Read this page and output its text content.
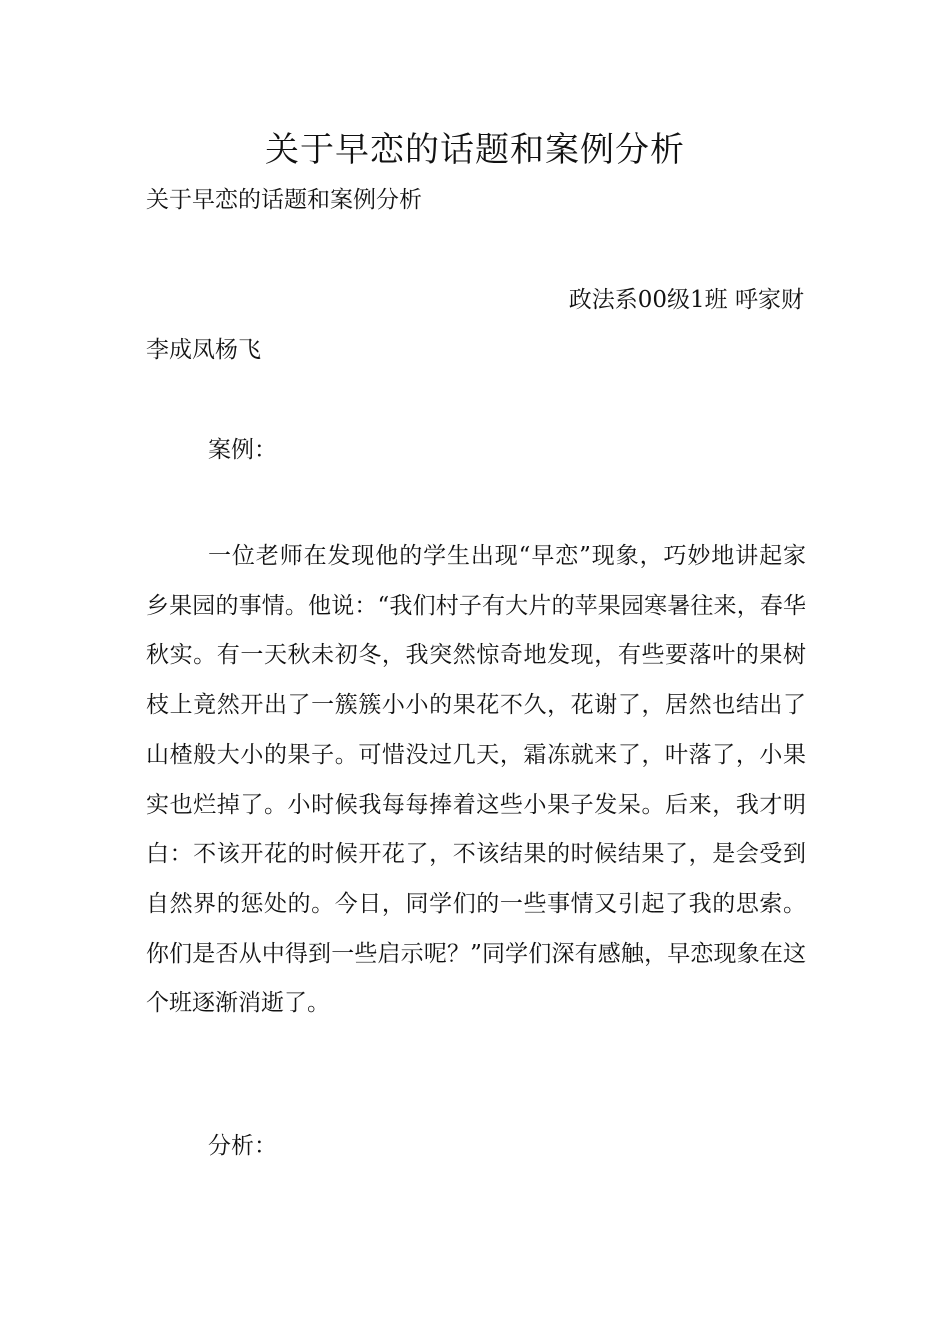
关于早恋的话题和案例分析

关于早恋的话题和案例分析

政法系00级1班 呼家财

李成凤杨飞

案例：

一位老师在发现他的学生出现“早恋”现象，巧妙地讲起家乡果园的事情。他说：“我们村子有大片的苹果园寒暑往来，春华秋实。有一天秋未初冬，我突然惊奇地发现，有些要落叶的果树枝上竟然开出了一簇簇小小的果花不久，花谢了，居然也结出了山楂般大小的果子。可惜没过几天，霜冻就来了，叶落了，小果实也烂掉了。小时候我每每捧着这些小果子发呆。后来，我才明白：不该开花的时候开花了，不该结果的时候结果了，是会受到自然界的惩处的。今日，同学们的一些事情又引起了我的思索。你们是否从中得到一些启示呢？”同学们深有感触，早恋现象在这个班逐渐消逝了。

分析：
